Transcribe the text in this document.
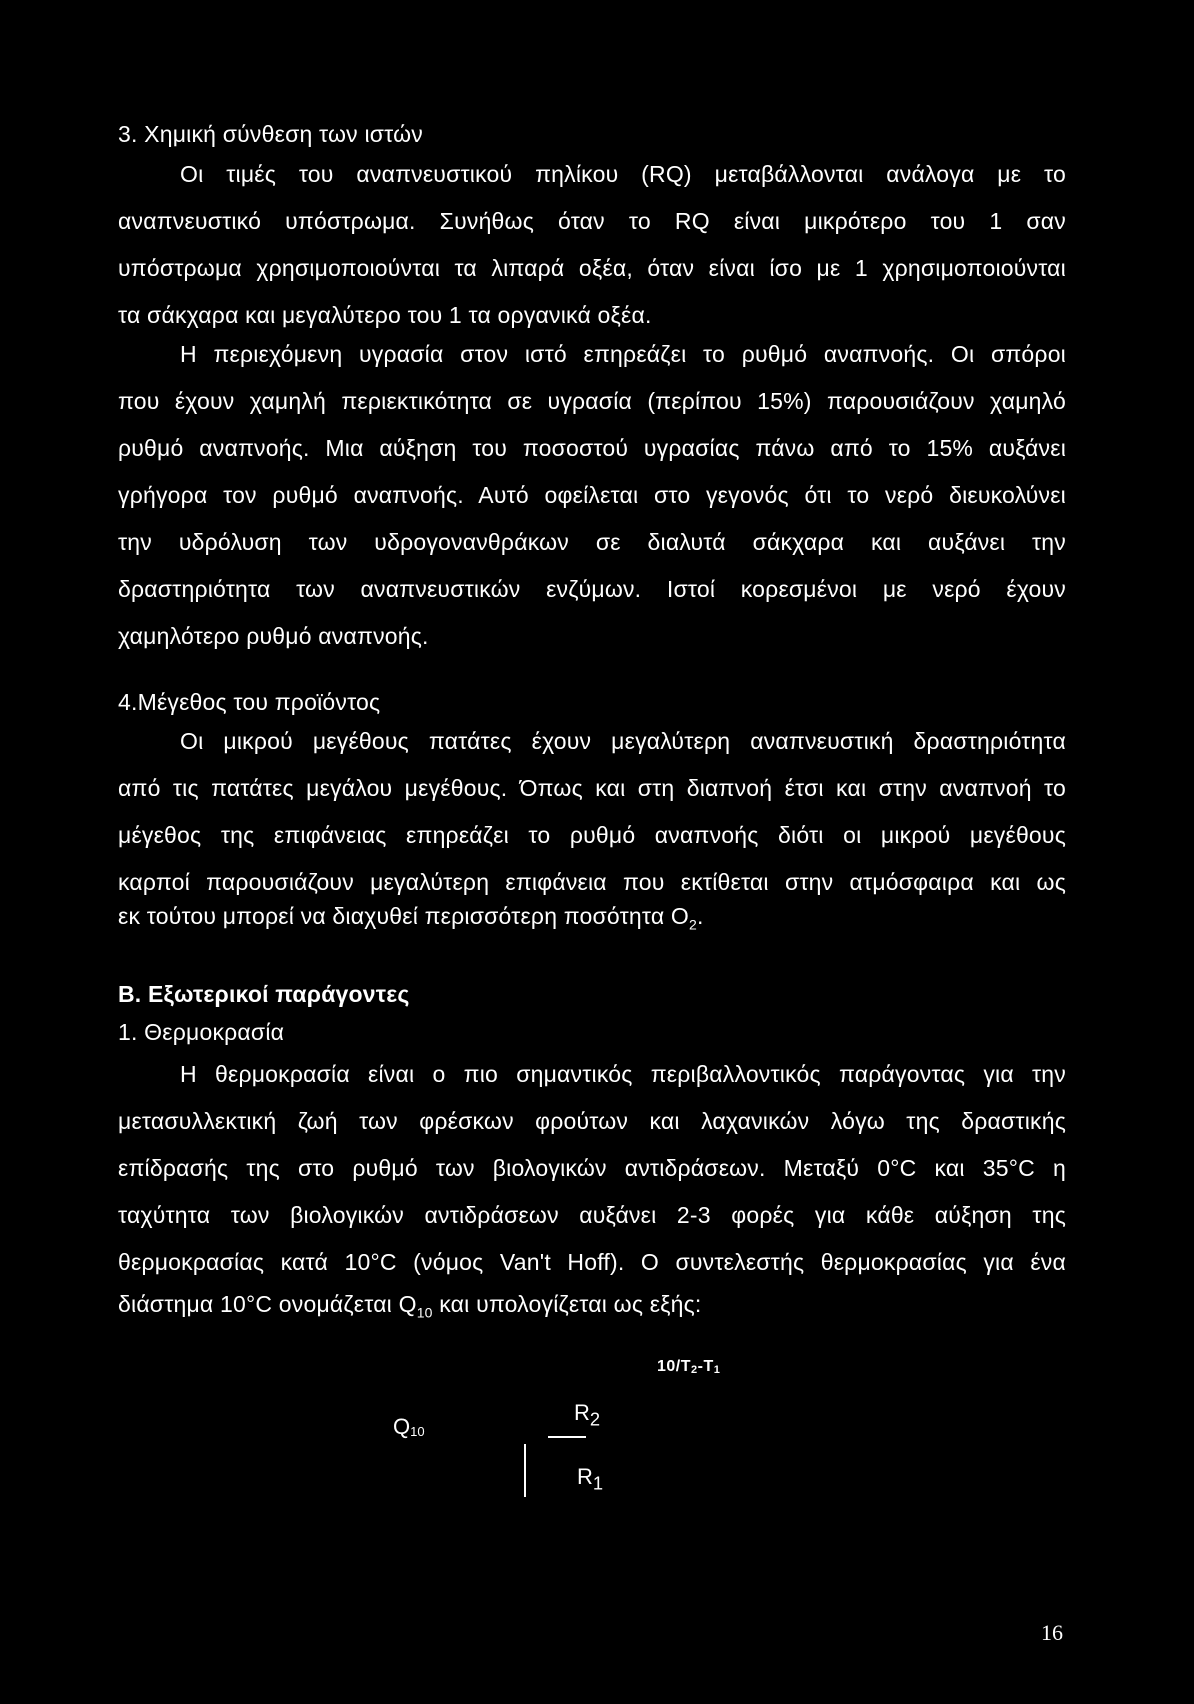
3. Χημική σύνθεση των ιστών
Οι τιμές του αναπνευστικού πηλίκου (RQ) μεταβάλλονται ανάλογα με το
αναπνευστικό υπόστρωμα. Συνήθως όταν το RQ είναι μικρότερο του 1 σαν
υπόστρωμα χρησιμοποιούνται τα λιπαρά οξέα, όταν είναι ίσο με 1 χρησιμοποιούνται
τα σάκχαρα και μεγαλύτερο του 1 τα οργανικά οξέα.
Η περιεχόμενη υγρασία στον ιστό επηρεάζει το ρυθμό αναπνοής. Οι σπόροι
που έχουν χαμηλή περιεκτικότητα σε υγρασία (περίπου 15%) παρουσιάζουν χαμηλό
ρυθμό αναπνοής. Μια αύξηση του ποσοστού υγρασίας πάνω από το 15% αυξάνει
γρήγορα τον ρυθμό αναπνοής. Αυτό οφείλεται στο γεγονός ότι το νερό διευκολύνει
την υδρόλυση των υδρογονανθράκων σε διαλυτά σάκχαρα και αυξάνει την
δραστηριότητα των αναπνευστικών ενζύμων. Ιστοί κορεσμένοι με νερό έχουν
χαμηλότερο ρυθμό αναπνοής.
4.Μέγεθος του προϊόντος
Οι μικρού μεγέθους πατάτες έχουν μεγαλύτερη αναπνευστική δραστηριότητα
από τις πατάτες μεγάλου μεγέθους. Όπως και στη διαπνοή έτσι και στην αναπνοή το
μέγεθος της επιφάνειας επηρεάζει το ρυθμό αναπνοής διότι οι μικρού μεγέθους
καρποί παρουσιάζουν μεγαλύτερη επιφάνεια που εκτίθεται στην ατμόσφαιρα και ως
εκ τούτου μπορεί να διαχυθεί περισσότερη ποσότητα $O_2$.
Β. Εξωτερικοί παράγοντες
1. Θερμοκρασία
Η θερμοκρασία είναι ο πιο σημαντικός περιβαλλοντικός παράγοντας για την
μετασυλλεκτική ζωή των φρέσκων φρούτων και λαχανικών λόγω της δραστικής
επίδρασής της στο ρυθμό των βιολογικών αντιδράσεων. Μεταξύ 0°C και 35°C η
ταχύτητα των βιολογικών αντιδράσεων αυξάνει 2-3 φορές για κάθε αύξηση της
θερμοκρασίας κατά 10°C (νόμος Van't Hoff). Ο συντελεστής θερμοκρασίας για ένα
διάστημα 10°C ονομάζεται $Q_{10}$ και υπολογίζεται ως εξής:
$10/T_2-T_1$
$Q_{10}$
$R_2$
$R_1$
16
